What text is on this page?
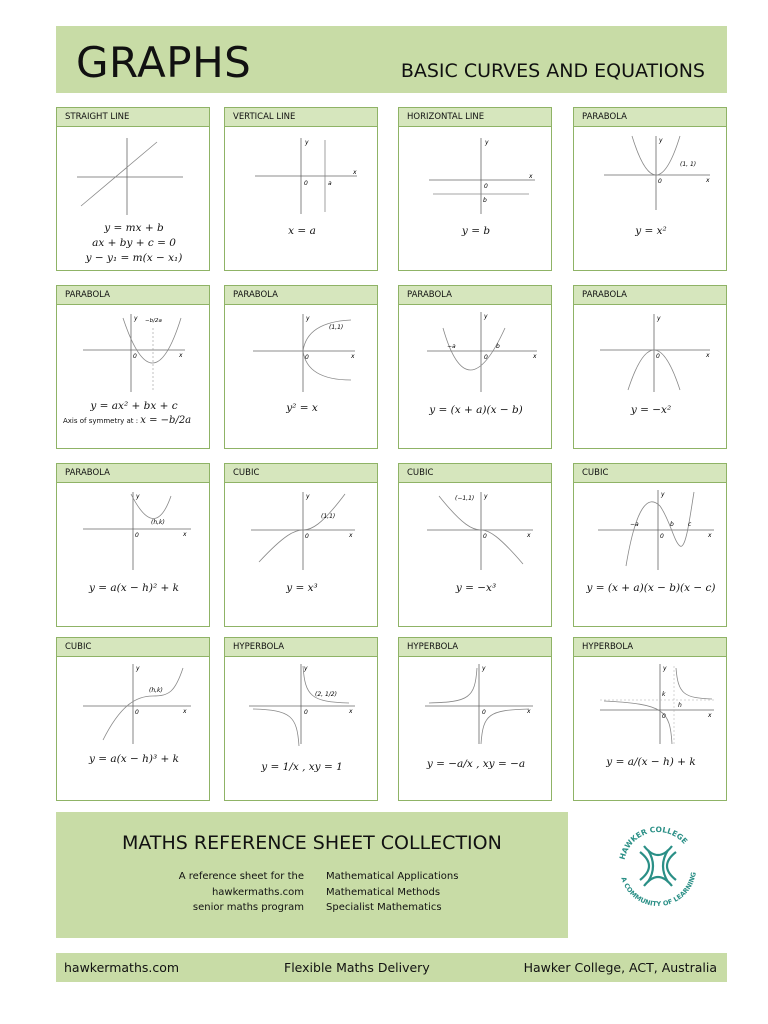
GRAPHS	BASIC CURVES AND EQUATIONS
STRAIGHT LINE
y = mx + b
ax + by + c = 0
y − y₁ = m(x − x₁)
VERTICAL LINE
y
x
0	a
x = a
HORIZONTAL LINE
y
x
0
b
y = b
PARABOLA
y
x
0
(1, 1)
y = x²
PARABOLA
y
x
0
−b/2a
y = ax² + bx + c
Axis of symmetry at : x = −b/2a
PARABOLA
y
x
0
(1,1)
y² = x
PARABOLA
y
x
0
−a	b
y = (x + a)(x − b)
PARABOLA
y
x
0
y = −x²
PARABOLA
y
x
0
(h,k)
y = a(x − h)² + k
CUBIC
y
x
0
(1,1)
y = x³
CUBIC
y
x
0
(−1,1)
y = −x³
CUBIC
y
x
0
−a	b c
y = (x + a)(x − b)(x − c)
CUBIC
y
x
0
(h,k)
y = a(x − h)³ + k
HYPERBOLA
y
x
0
(2, 1/2)
y = 1/x , xy = 1
HYPERBOLA
y
x
0
y = −a/x , xy = −a
HYPERBOLA
y
x
0
k
h
y = a/(x − h) + k
MATHS REFERENCE SHEET COLLECTION
A reference sheet for the
hawkermaths.com
senior maths program
Mathematical Applications
Mathematical Methods
Specialist Mathematics
HAWKER COLLEGE
A COMMUNITY OF LEARNING
hawkermaths.com	Flexible Maths Delivery	Hawker College, ACT, Australia
